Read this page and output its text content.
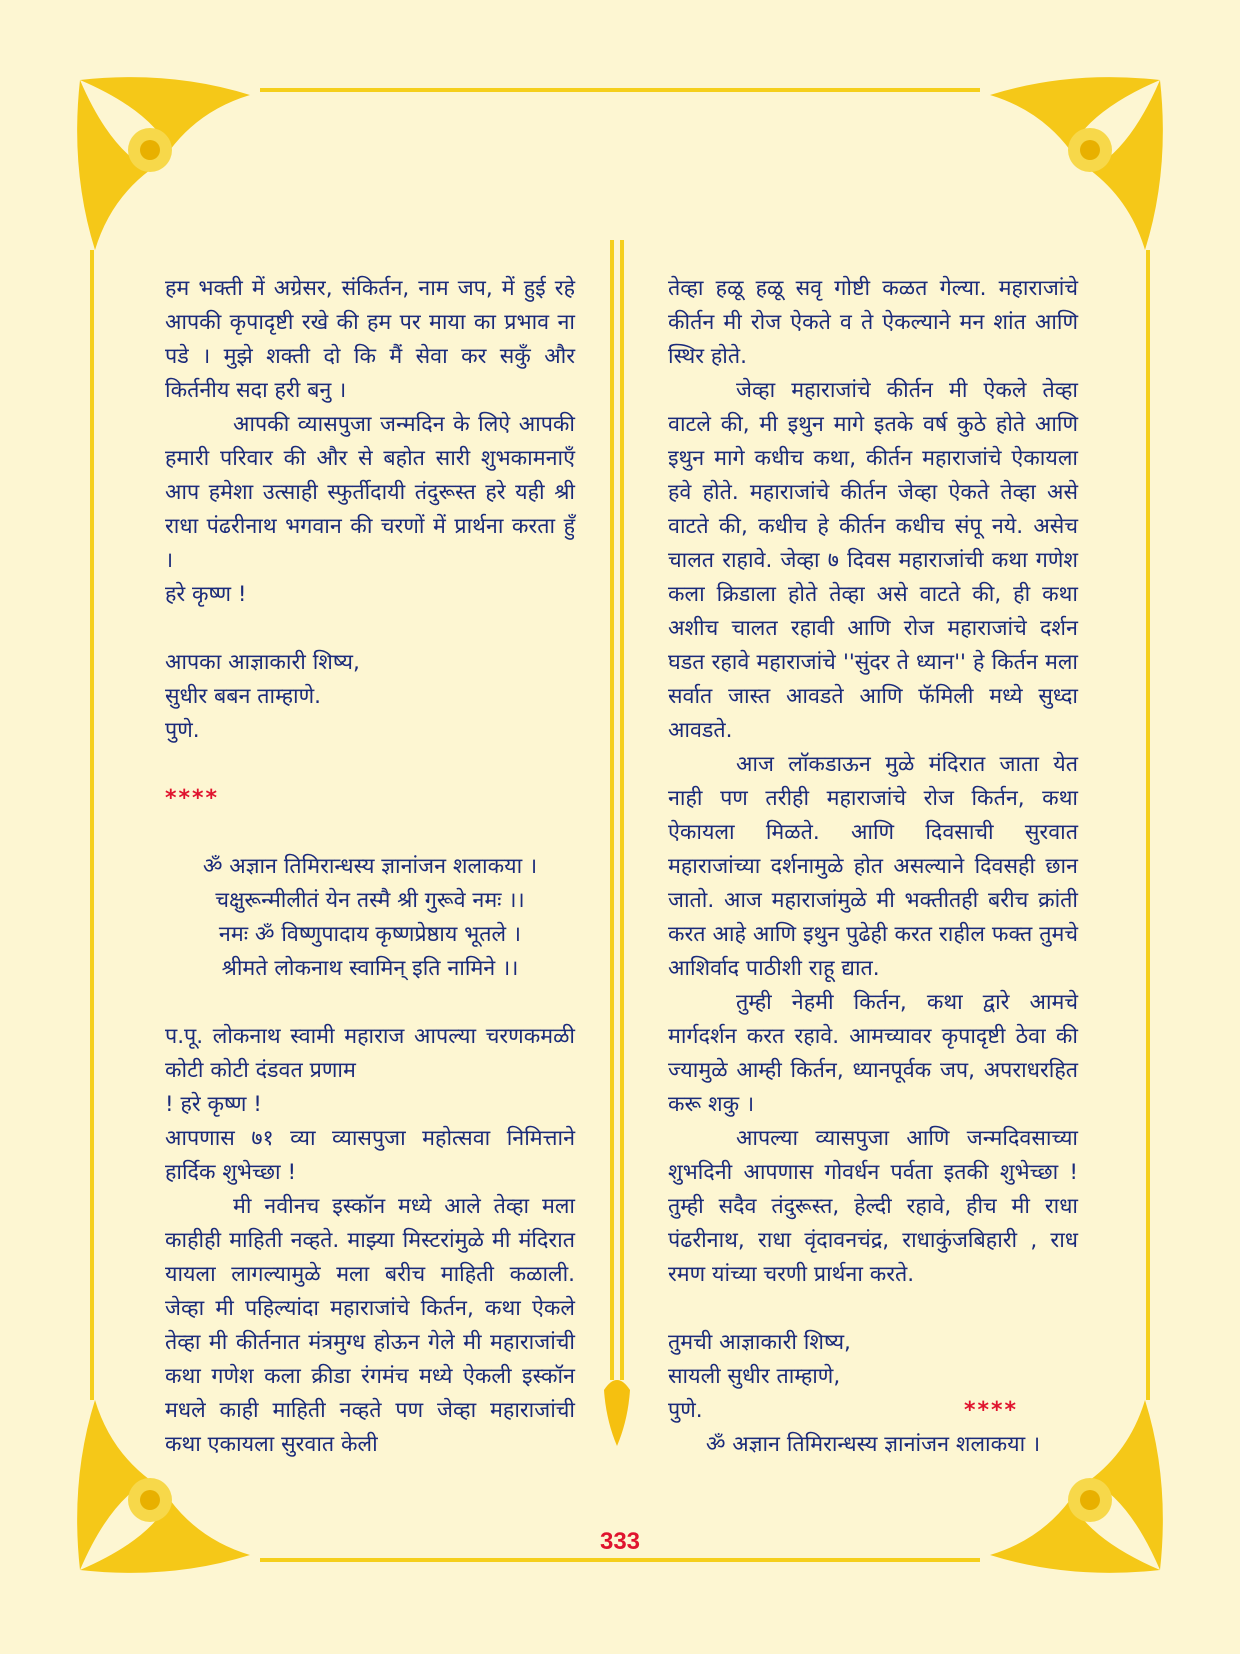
हम भक्ती में अग्रेसर, संकिर्तन, नाम जप, में हुई रहे आपकी कृपादृष्टी रखे की हम पर माया का प्रभाव ना पडे । मुझे शक्ती दो कि मैं सेवा कर सकुँ और किर्तनीय सदा हरी बनु ।

आपकी व्यासपुजा जन्मदिन के लिऐ आपकी हमारी परिवार की और से बहोत सारी शुभकामनाएँ आप हमेशा उत्साही स्फुर्तीदायी तंदुरूस्त हरे यही श्री राधा पंढरीनाथ भगवान की चरणों में प्रार्थना करता हुँ ।

हरे कृष्ण !

आपका आज्ञाकारी शिष्य,

सुधीर बबन ताम्हाणे.

पुणे.

****

ॐ अज्ञान तिमिरान्धस्य ज्ञानांजन शलाकया ।

चक्षुरून्मीलीतं येन तस्मै श्री गुरूवे नमः ।।

नमः ॐ विष्णुपादाय कृष्णप्रेष्ठाय भूतले ।

श्रीमते लोकनाथ स्वामिन् इति नामिने ।।

प.पू. लोकनाथ स्वामी महाराज आपल्या चरणकमळी कोटी कोटी दंडवत प्रणाम

! हरे कृष्ण !

आपणास ७१ व्या व्यासपुजा महोत्सवा निमित्ताने हार्दिक शुभेच्छा !

मी नवीनच इस्कॉन मध्ये आले तेव्हा मला काहीही माहिती नव्हते. माझ्या मिस्टरांमुळे मी मंदिरात यायला लागल्यामुळे मला बरीच माहिती कळाली. जेव्हा मी पहिल्यांदा महाराजांचे किर्तन, कथा ऐकले तेव्हा मी कीर्तनात मंत्रमुग्ध होऊन गेले मी महाराजांची कथा गणेश कला क्रीडा रंगमंच मध्ये ऐकली इस्कॉन मधले काही माहिती नव्हते पण जेव्हा महाराजांची कथा एकायला सुरवात केली

तेव्हा हळू हळू सवृ गोष्टी कळत गेल्या. महाराजांचे कीर्तन मी रोज ऐकते व ते ऐकल्याने मन शांत आणि स्थिर होते.

जेव्हा महाराजांचे कीर्तन मी ऐकले तेव्हा वाटले की, मी इथुन मागे इतके वर्ष कुठे होते आणि इथुन मागे कधीच कथा, कीर्तन महाराजांचे ऐकायला हवे होते. महाराजांचे कीर्तन जेव्हा ऐकते तेव्हा असे वाटते की, कधीच हे कीर्तन कधीच संपू नये. असेच चालत राहावे. जेव्हा ७ दिवस महाराजांची कथा गणेश कला क्रिडाला होते तेव्हा असे वाटते की, ही कथा अशीच चालत रहावी आणि रोज महाराजांचे दर्शन घडत रहावे महाराजांचे ''सुंदर ते ध्यान'' हे किर्तन मला सर्वात जास्त आवडते आणि फॅमिली मध्ये सुध्दा आवडते.

आज लॉकडाऊन मुळे मंदिरात जाता येत नाही पण तरीही महाराजांचे रोज किर्तन, कथा ऐकायला मिळते. आणि दिवसाची सुरवात महाराजांच्या दर्शनामुळे होत असल्याने दिवसही छान जातो. आज महाराजांमुळे मी भक्तीतही बरीच क्रांती करत आहे आणि इथुन पुढेही करत राहील फक्त तुमचे आशिर्वाद पाठीशी राहू द्यात.

तुम्ही नेहमी किर्तन, कथा द्वारे आमचे मार्गदर्शन करत रहावे. आमच्यावर कृपादृष्टी ठेवा की ज्यामुळे आम्ही किर्तन, ध्यानपूर्वक जप, अपराधरहित करू शकु ।

आपल्या व्यासपुजा आणि जन्मदिवसाच्या शुभदिनी आपणास गोवर्धन पर्वता इतकी शुभेच्छा ! तुम्ही सदैव तंदुरूस्त, हेल्दी रहावे, हीच मी राधा पंढरीनाथ, राधा वृंदावनचंद्र, राधाकुंजबिहारी , राध रमण यांच्या चरणी प्रार्थना करते.

तुमची आज्ञाकारी शिष्य,

सायली सुधीर ताम्हाणे,

पुणे.	****

ॐ अज्ञान तिमिरान्धस्य ज्ञानांजन शलाकया ।

333
